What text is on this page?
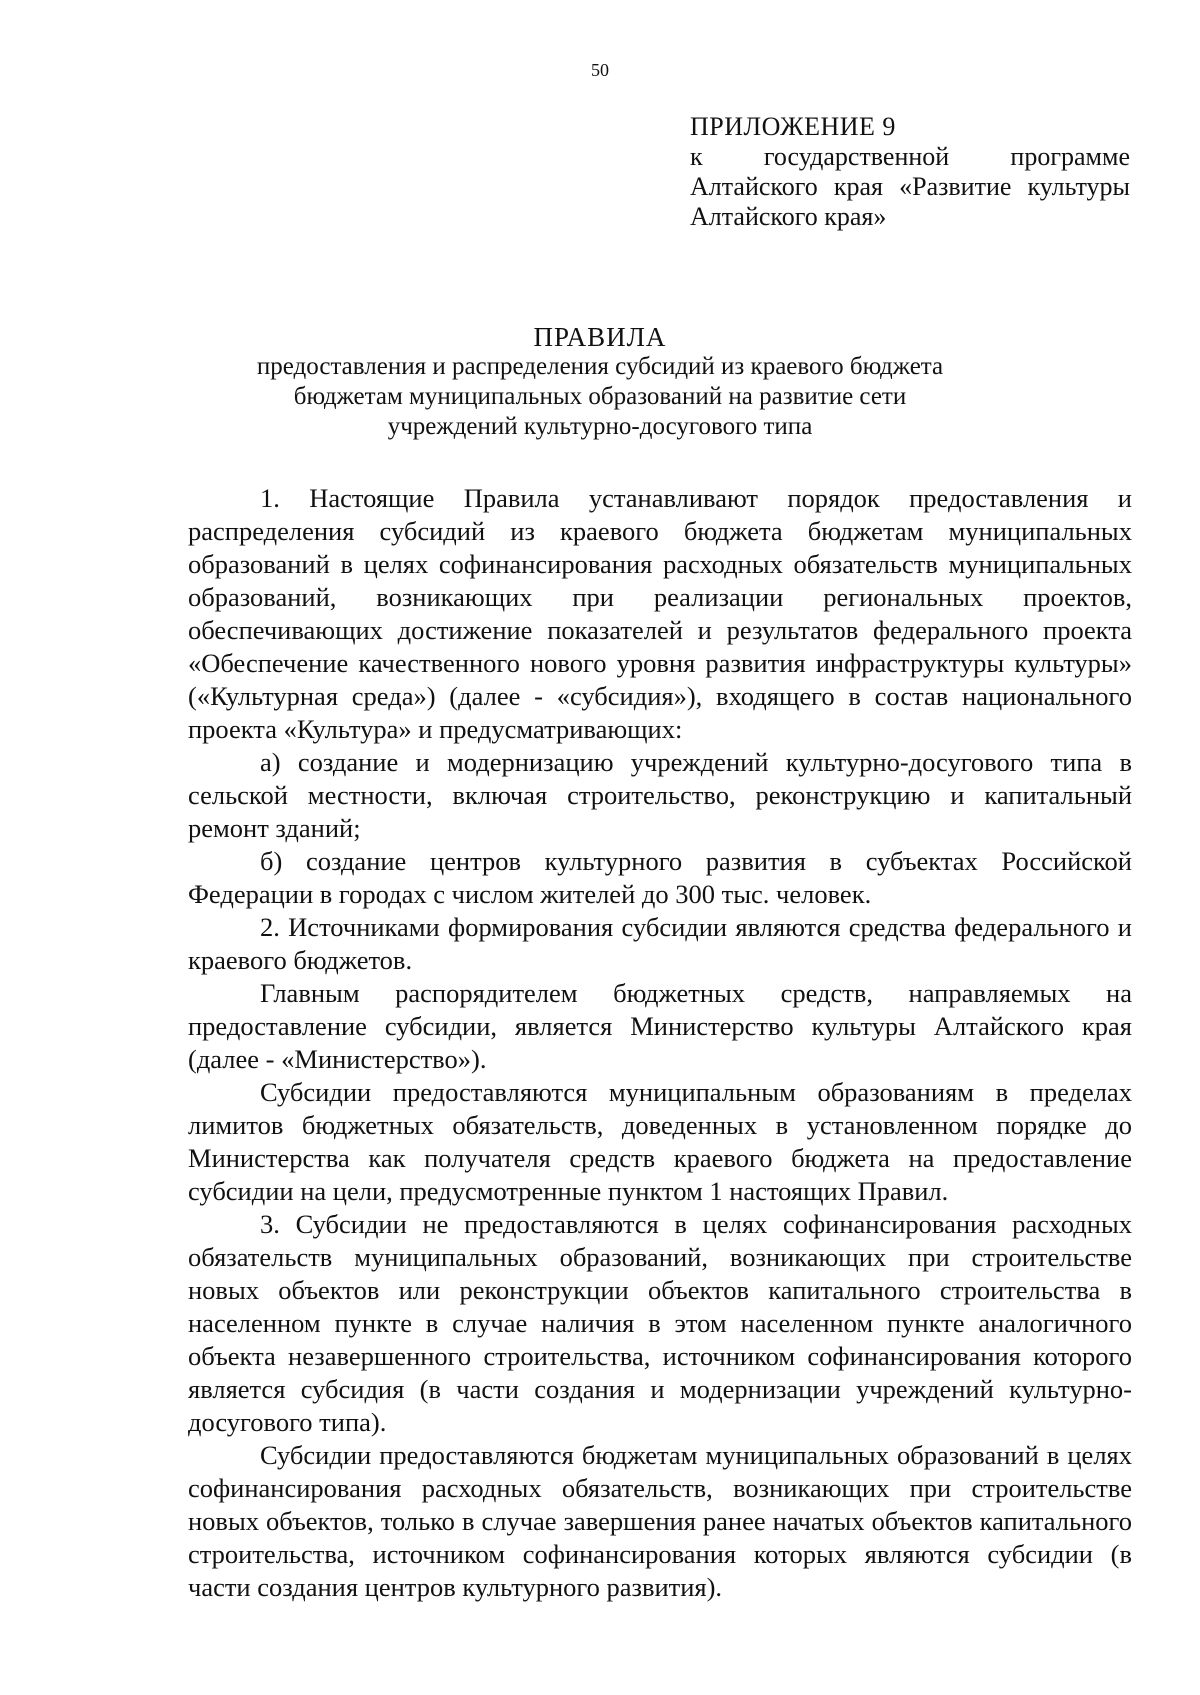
50
ПРИЛОЖЕНИЕ 9
к государственной программе Алтайского края «Развитие культуры Алтайского края»
ПРАВИЛА
предоставления и распределения субсидий из краевого бюджета бюджетам муниципальных образований на развитие сети учреждений культурно-досугового типа

1. Настоящие Правила устанавливают порядок предоставления и распределения субсидий из краевого бюджета бюджетам муниципальных образований в целях софинансирования расходных обязательств муниципальных образований, возникающих при реализации региональных проектов, обеспечивающих достижение показателей и результатов федерального проекта «Обеспечение качественного нового уровня развития инфраструктуры культуры» («Культурная среда») (далее - «субсидия»), входящего в состав национального проекта «Культура» и предусматривающих:

а) создание и модернизацию учреждений культурно-досугового типа в сельской местности, включая строительство, реконструкцию и капитальный ремонт зданий;

б) создание центров культурного развития в субъектах Российской Федерации в городах с числом жителей до 300 тыс. человек.

2. Источниками формирования субсидии являются средства федерального и краевого бюджетов.

Главным распорядителем бюджетных средств, направляемых на предоставление субсидии, является Министерство культуры Алтайского края (далее - «Министерство»).

Субсидии предоставляются муниципальным образованиям в пределах лимитов бюджетных обязательств, доведенных в установленном порядке до Министерства как получателя средств краевого бюджета на предоставление субсидии на цели, предусмотренные пунктом 1 настоящих Правил.

3. Субсидии не предоставляются в целях софинансирования расходных обязательств муниципальных образований, возникающих при строительстве новых объектов или реконструкции объектов капитального строительства в населенном пункте в случае наличия в этом населенном пункте аналогичного объекта незавершенного строительства, источником софинансирования которого является субсидия (в части создания и модернизации учреждений культурно-досугового типа).

Субсидии предоставляются бюджетам муниципальных образований в целях софинансирования расходных обязательств, возникающих при строительстве новых объектов, только в случае завершения ранее начатых объектов капитального строительства, источником софинансирования которых являются субсидии (в части создания центров культурного развития).
